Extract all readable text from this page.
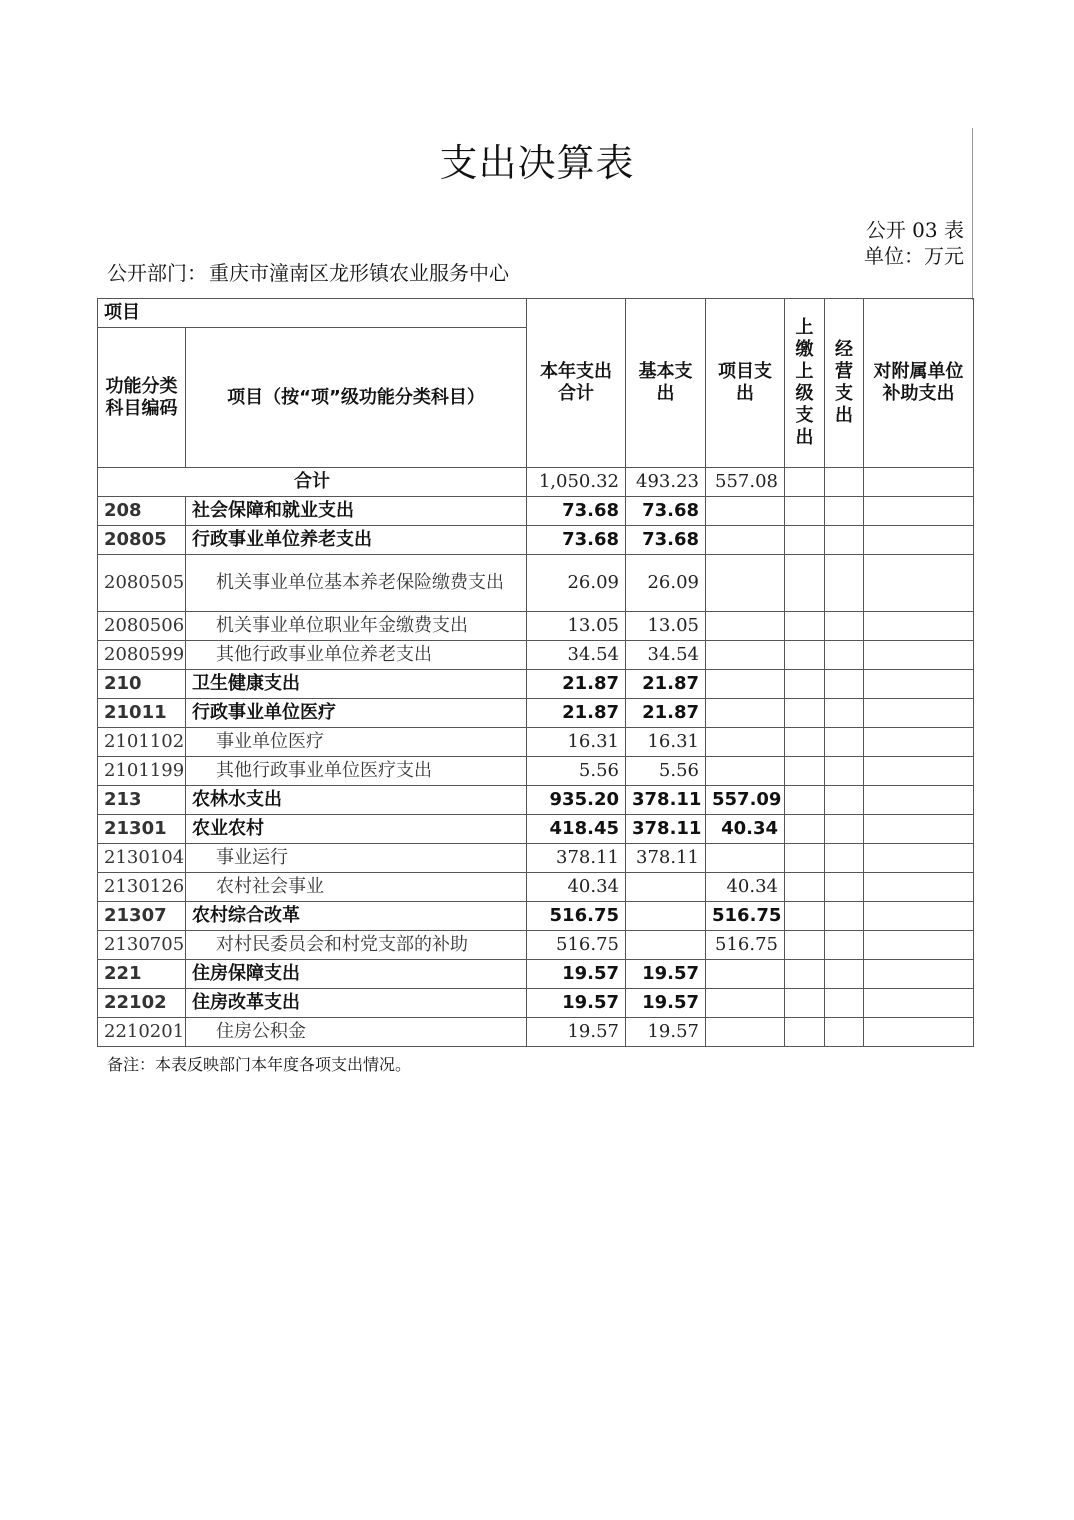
支出决算表
公开 03 表
单位：万元
公开部门： 重庆市潼南区龙形镇农业服务中心
项目		本年支出合计	基本支出	项目支出	上缴上级支出	经营支出	对附属单位补助支出
功能分类科目编码	项目（按“项”级功能分类科目）						
合计		1,050.32	493.23	557.08			
208	社会保障和就业支出	73.68	73.68				
20805	行政事业单位养老支出	73.68	73.68				
2080505	机关事业单位基本养老保险缴费支出	26.09	26.09				
2080506	机关事业单位职业年金缴费支出	13.05	13.05				
2080599	其他行政事业单位养老支出	34.54	34.54				
210	卫生健康支出	21.87	21.87				
21011	行政事业单位医疗	21.87	21.87				
2101102	事业单位医疗	16.31	16.31				
2101199	其他行政事业单位医疗支出	5.56	5.56				
213	农林水支出	935.20	378.11	557.09			
21301	农业农村	418.45	378.11	40.34			
2130104	事业运行	378.11	378.11				
2130126	农村社会事业	40.34		40.34			
21307	农村综合改革	516.75		516.75			
2130705	对村民委员会和村党支部的补助	516.75		516.75			
221	住房保障支出	19.57	19.57				
22102	住房改革支出	19.57	19.57				
2210201	住房公积金	19.57	19.57				
备注：本表反映部门本年度各项支出情况。
